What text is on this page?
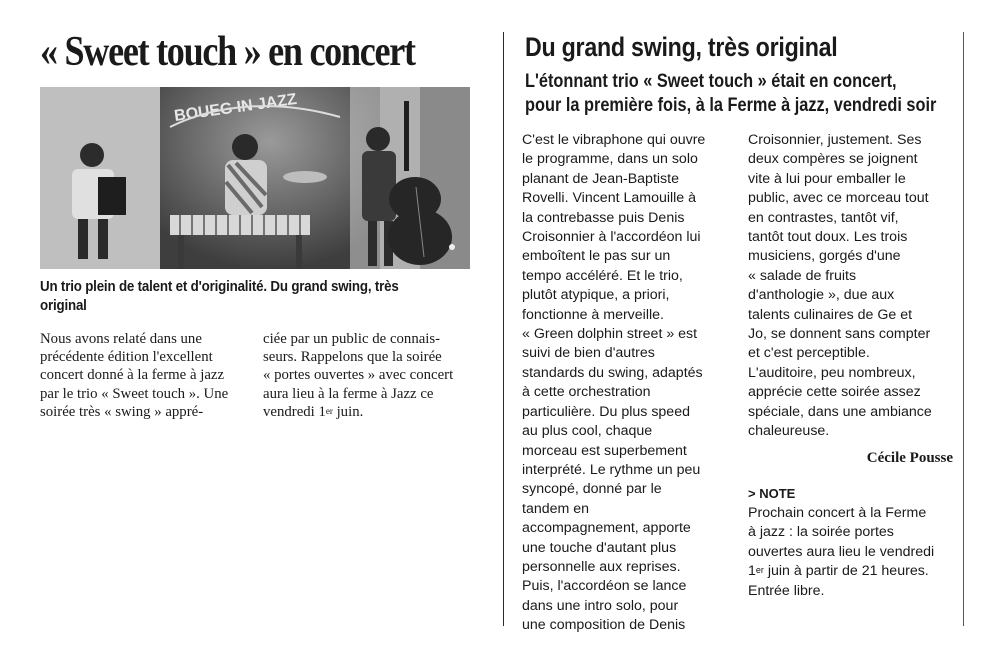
« Sweet touch » en concert
BOUEG IN JAZZ
Un trio plein de talent et d'originalité. Du grand swing, très original
Nous avons relaté dans une
précédente édition l'excellent
concert donné à la ferme à jazz
par le trio « Sweet touch ». Une
soirée très « swing » appré-
ciée par un public de connais-
seurs. Rappelons que la soirée
« portes ouvertes » avec concert
aura lieu à la ferme à Jazz ce
vendredi 1er juin.
Du grand swing, très original
L'étonnant trio « Sweet touch » était en concert,
pour la première fois, à la Ferme à jazz, vendredi soir
C'est le vibraphone qui ouvre
le programme, dans un solo
planant de Jean-Baptiste
Rovelli. Vincent Lamouille à
la contrebasse puis Denis
Croisonnier à l'accordéon lui
emboîtent le pas sur un
tempo accéléré. Et le trio,
plutôt atypique, a priori,
fonctionne à merveille.
« Green dolphin street » est
suivi de bien d'autres
standards du swing, adaptés
à cette orchestration
particulière. Du plus speed
au plus cool, chaque
morceau est superbement
interprété. Le rythme un peu
syncopé, donné par le
tandem en
accompagnement, apporte
une touche d'autant plus
personnelle aux reprises.
Puis, l'accordéon se lance
dans une intro solo, pour
une composition de Denis
Croisonnier, justement. Ses
deux compères se joignent
vite à lui pour emballer le
public, avec ce morceau tout
en contrastes, tantôt vif,
tantôt tout doux. Les trois
musiciens, gorgés d'une
« salade de fruits
d'anthologie », due aux
talents culinaires de Ge et
Jo, se donnent sans compter
et c'est perceptible.
L'auditoire, peu nombreux,
apprécie cette soirée assez
spéciale, dans une ambiance
chaleureuse.
Cécile Pousse
> NOTE
Prochain concert à la Ferme
à jazz : la soirée portes
ouvertes aura lieu le vendredi
1er juin à partir de 21 heures.
Entrée libre.
